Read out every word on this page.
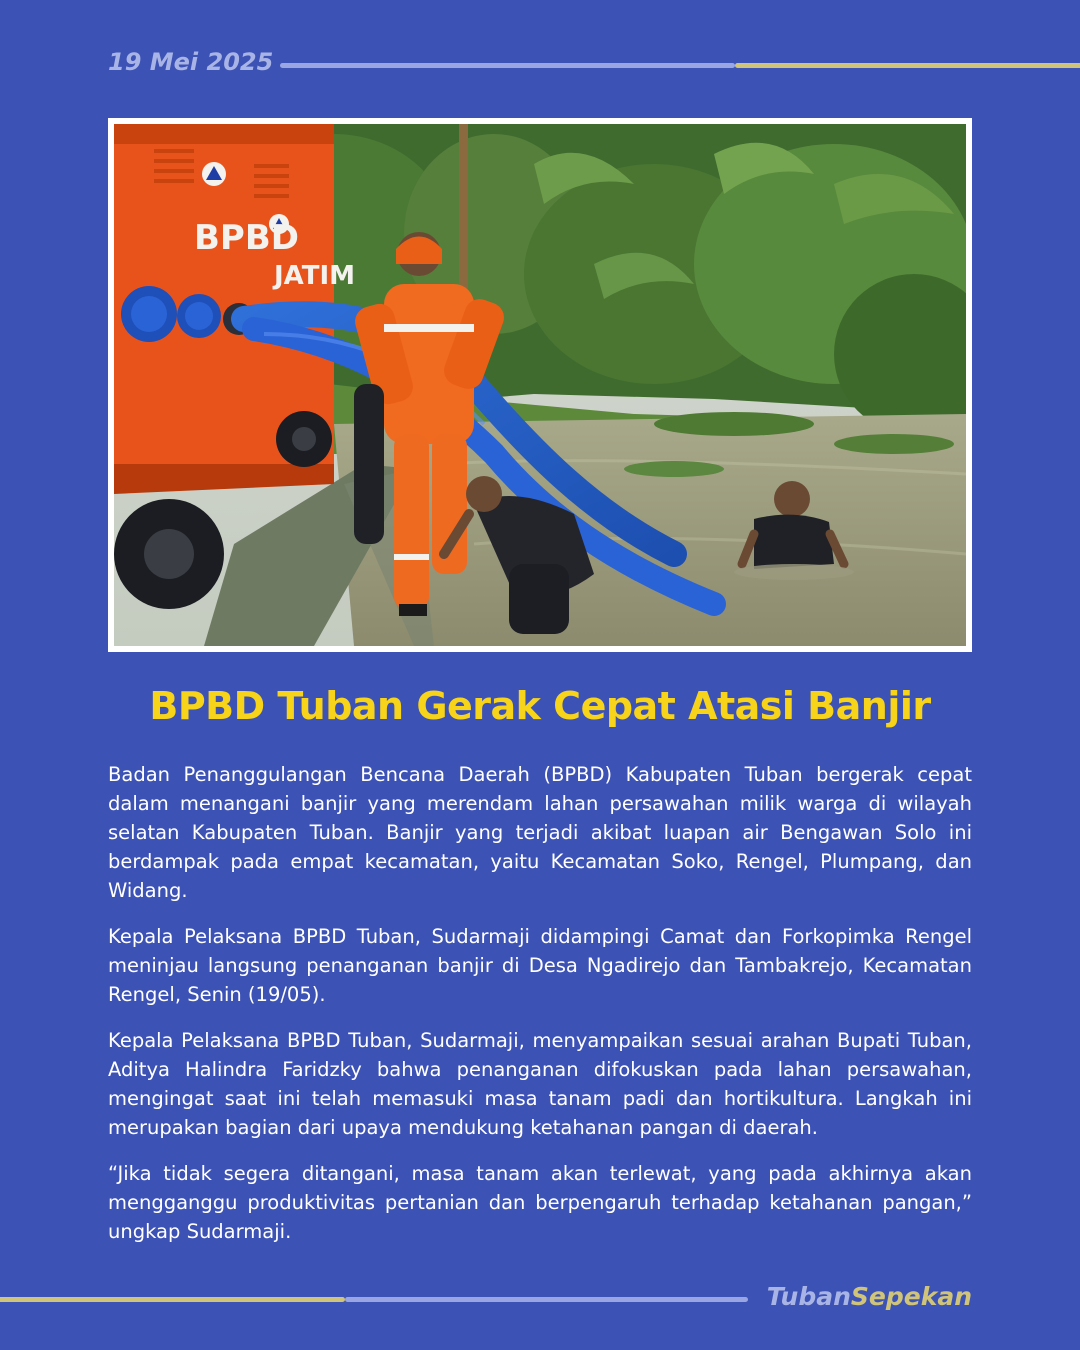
19 Mei 2025
BPBD
JATIM
BPBD Tuban Gerak Cepat Atasi Banjir

Badan Penanggulangan Bencana Daerah (BPBD) Kabupaten Tuban bergerak cepat dalam menangani banjir yang merendam lahan persawahan milik warga di wilayah selatan Kabupaten Tuban. Banjir yang terjadi akibat luapan air Bengawan Solo ini berdampak pada empat kecamatan, yaitu Kecamatan Soko, Rengel, Plumpang, dan Widang.

Kepala Pelaksana BPBD Tuban, Sudarmaji didampingi Camat dan Forkopimka Rengel meninjau langsung penanganan banjir di Desa Ngadirejo dan Tambakrejo, Kecamatan Rengel, Senin (19/05).

Kepala Pelaksana BPBD Tuban, Sudarmaji, menyampaikan sesuai arahan Bupati Tuban, Aditya Halindra Faridzky bahwa penanganan difokuskan pada lahan persawahan, mengingat saat ini telah memasuki masa tanam padi dan hortikultura. Langkah ini merupakan bagian dari upaya mendukung ketahanan pangan di daerah.

“Jika tidak segera ditangani, masa tanam akan terlewat, yang pada akhirnya akan mengganggu produktivitas pertanian dan berpengaruh terhadap ketahanan pangan,” ungkap Sudarmaji.

TubanSepekan
